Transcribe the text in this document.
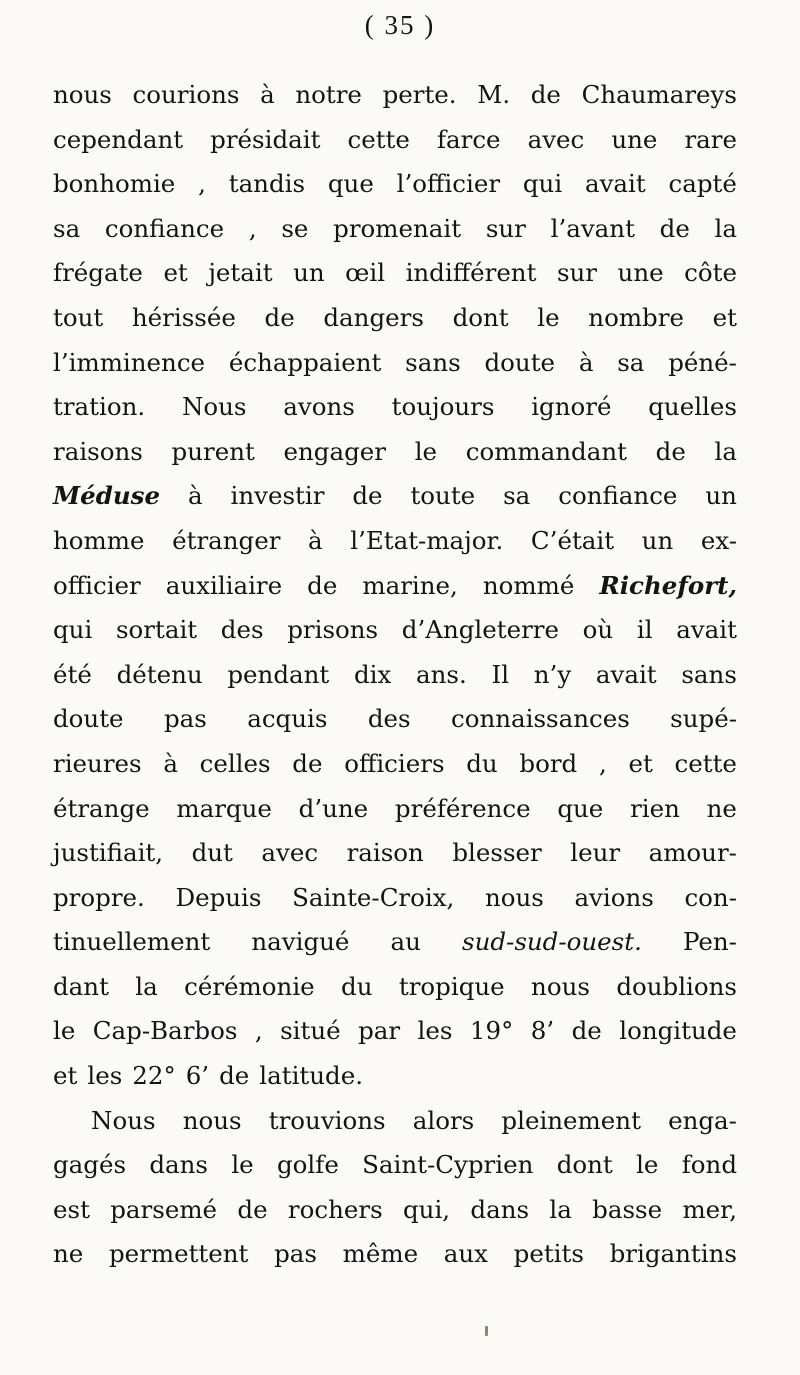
( 35 )
nous courions à notre perte. M. de Chaumareys
cependant présidait cette farce avec une rare
bonhomie , tandis que l’officier qui avait capté
sa confiance , se promenait sur l’avant de la
frégate et jetait un œil indifférent sur une côte
tout hérissée de dangers dont le nombre et
l’imminence échappaient sans doute à sa péné-
tration. Nous avons toujours ignoré quelles
raisons purent engager le commandant de la
Méduse à investir de toute sa confiance un
homme étranger à l’Etat-major. C’était un ex-
officier auxiliaire de marine, nommé Richefort,
qui sortait des prisons d’Angleterre où il avait
été détenu pendant dix ans. Il n’y avait sans
doute pas acquis des connaissances supé-
rieures à celles de officiers du bord , et cette
étrange marque d’une préférence que rien ne
justifiait, dut avec raison blesser leur amour-
propre. Depuis Sainte-Croix, nous avions con-
tinuellement navigué au sud-sud-ouest. Pen-
dant la cérémonie du tropique nous doublions
le Cap-Barbos , situé par les 19° 8’ de longitude
et les 22° 6’ de latitude.
Nous nous trouvions alors pleinement enga-
gagés dans le golfe Saint-Cyprien dont le fond
est parsemé de rochers qui, dans la basse mer,
ne permettent pas même aux petits brigantins
